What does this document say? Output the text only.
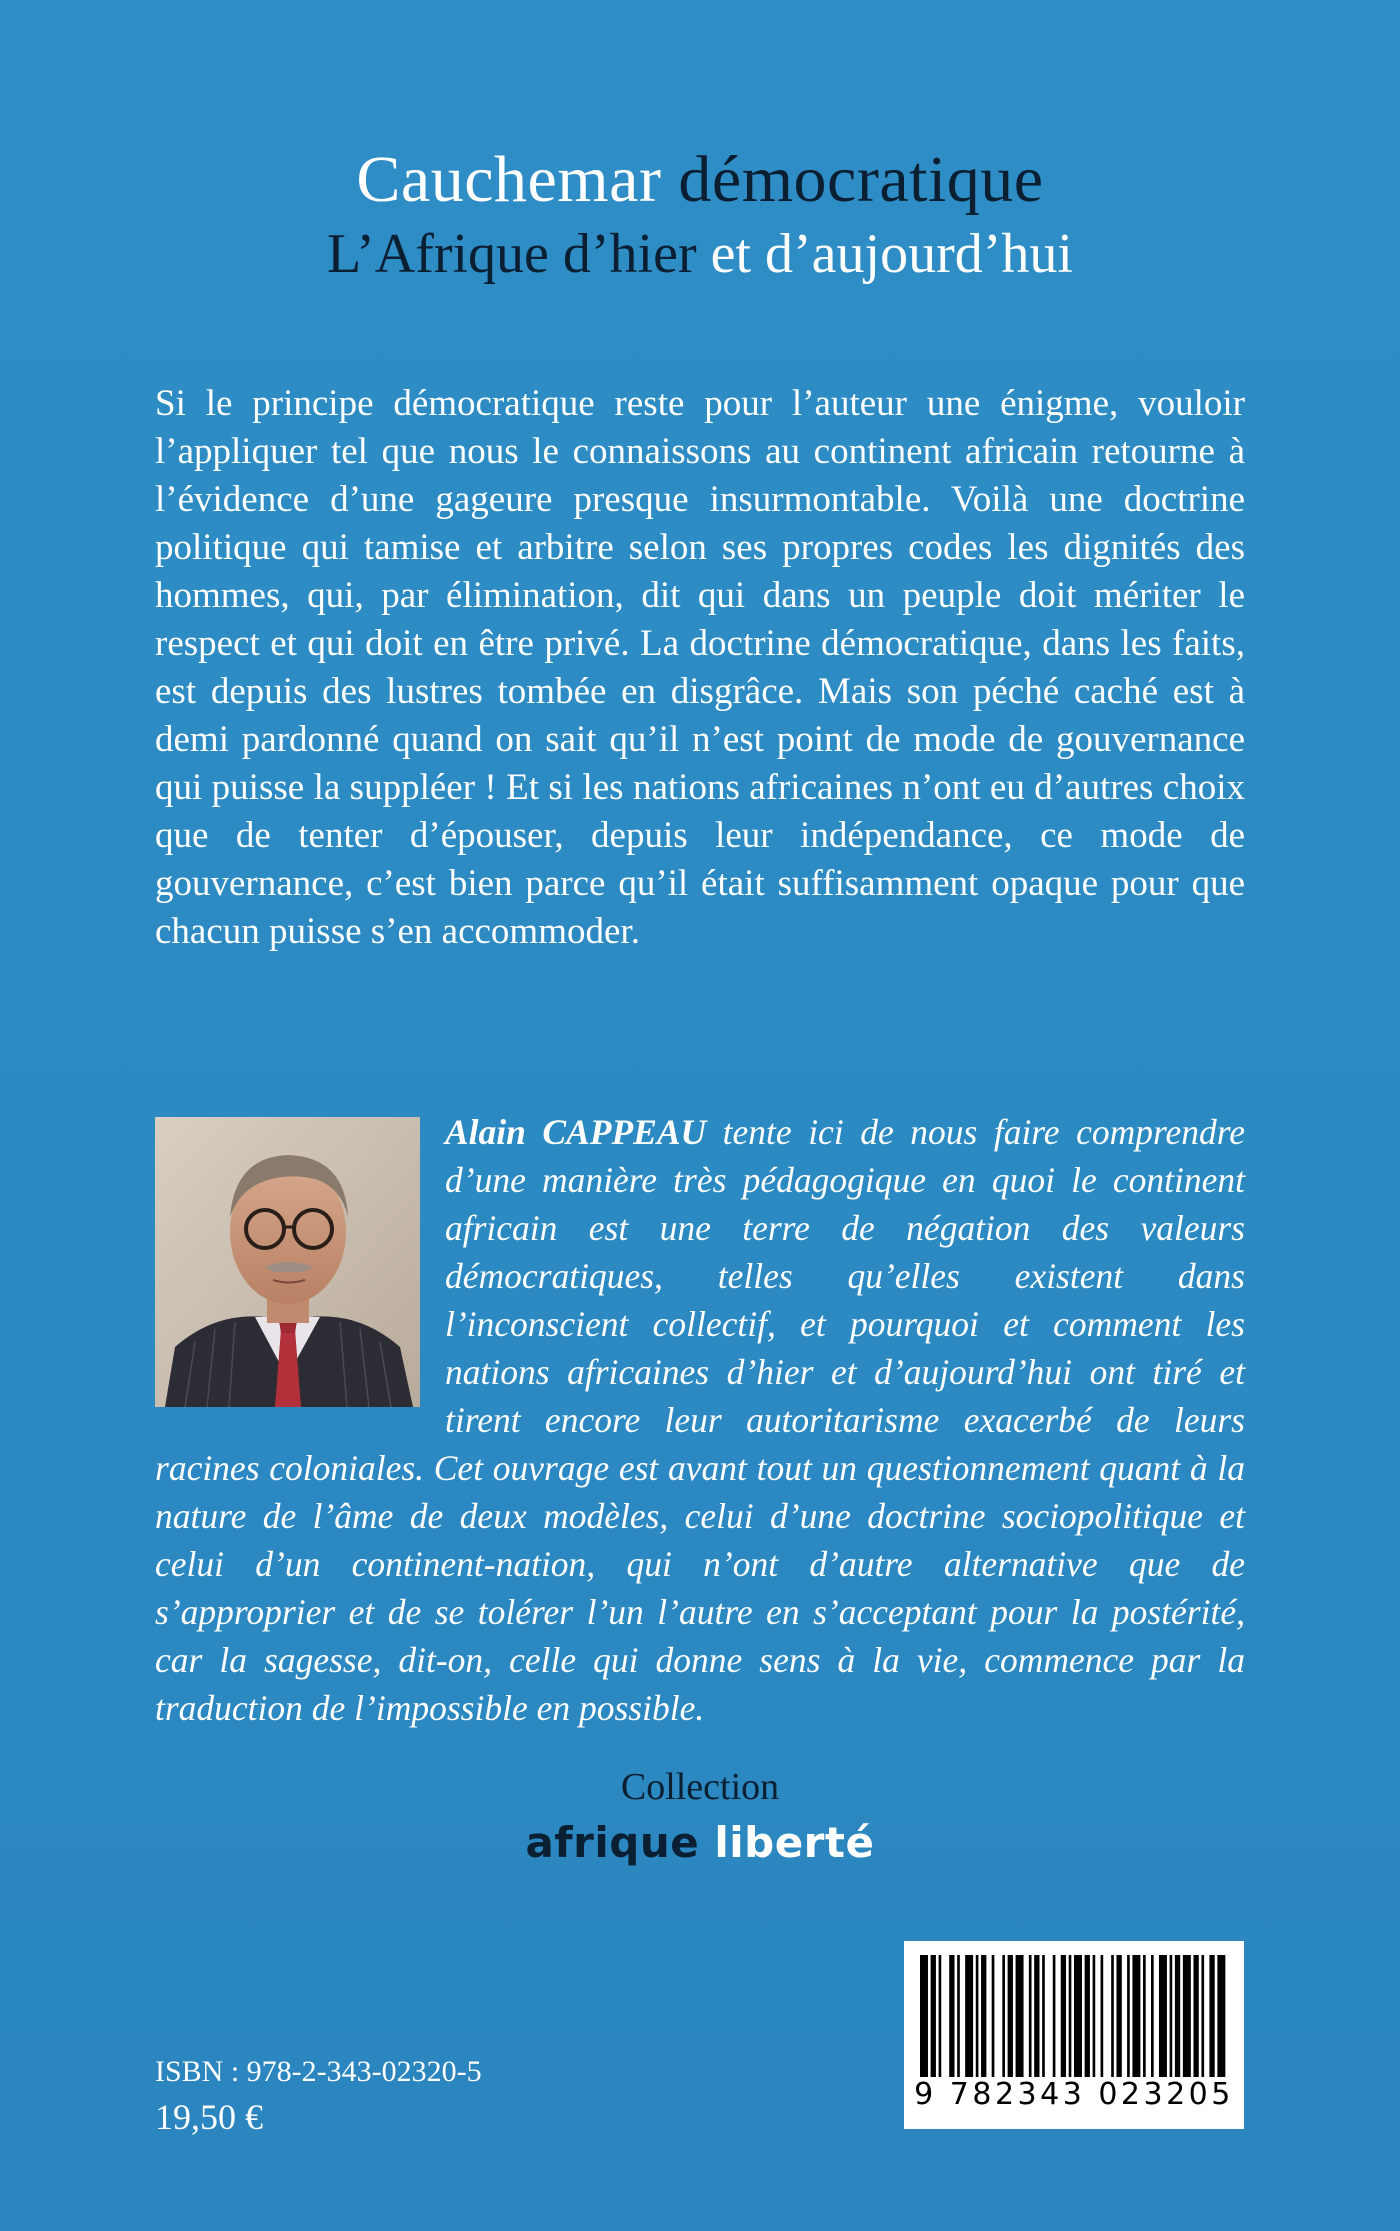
Cauchemar démocratique
L’Afrique d’hier et d’aujourd’hui
Si le principe démocratique reste pour l’auteur une énigme, vouloir l’appliquer tel que nous le connaissons au continent africain retourne à l’évidence d’une gageure presque insurmontable. Voilà une doctrine politique qui tamise et arbitre selon ses propres codes les dignités des hommes, qui, par élimination, dit qui dans un peuple doit mériter le respect et qui doit en être privé. La doctrine démocratique, dans les faits, est depuis des lustres tombée en disgrâce. Mais son péché caché est à demi pardonné quand on sait qu’il n’est point de mode de gouvernance qui puisse la suppléer ! Et si les nations africaines n’ont eu d’autres choix que de tenter d’épouser, depuis leur indépendance, ce mode de gouvernance, c’est bien parce qu’il était suffisamment opaque pour que chacun puisse s’en accommoder.
Alain CAPPEAU tente ici de nous faire comprendre d’une manière très pédagogique en quoi le continent africain est une terre de négation des valeurs démocratiques, telles qu’elles existent dans l’inconscient collectif, et pourquoi et comment les nations africaines d’hier et d’aujourd’hui ont tiré et tirent encore leur autoritarisme exacerbé de leurs racines coloniales. Cet ouvrage est avant tout un questionnement quant à la nature de l’âme de deux modèles, celui d’une doctrine sociopolitique et celui d’un continent-nation, qui n’ont d’autre alternative que de s’approprier et de se tolérer l’un l’autre en s’acceptant pour la postérité, car la sagesse, dit-on, celle qui donne sens à la vie, commence par la traduction de l’impossible en possible.
Collection
afrique liberté
ISBN : 978-2-343-02320-5
19,50 €
9 782343 023205
